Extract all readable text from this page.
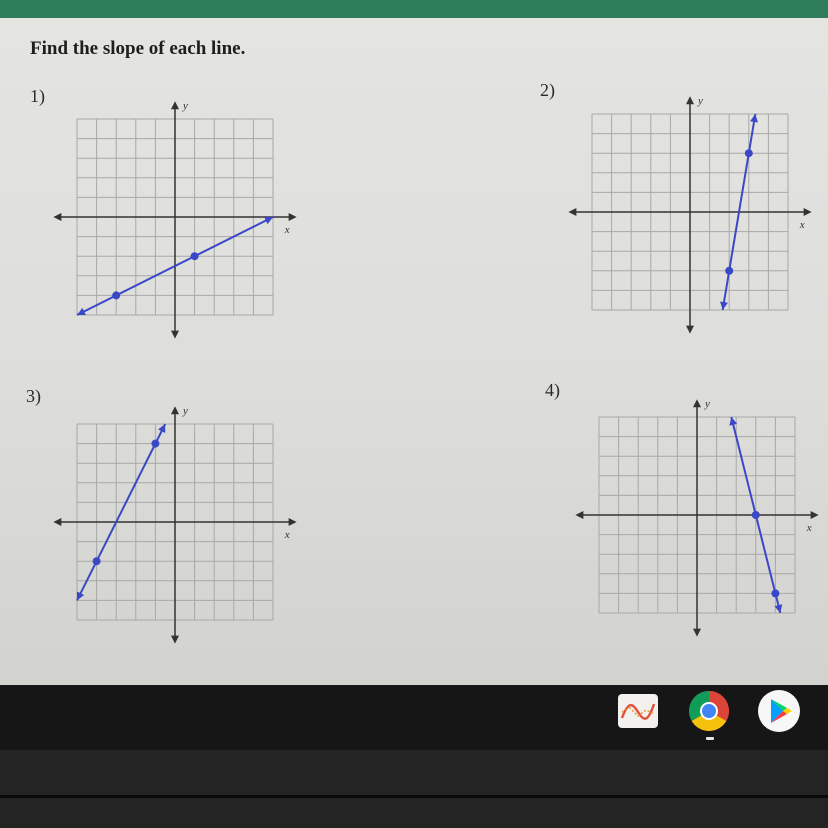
Find the slope of each line.
1)	2)
3)	4)
x
y
x
y
x
y
x
y
